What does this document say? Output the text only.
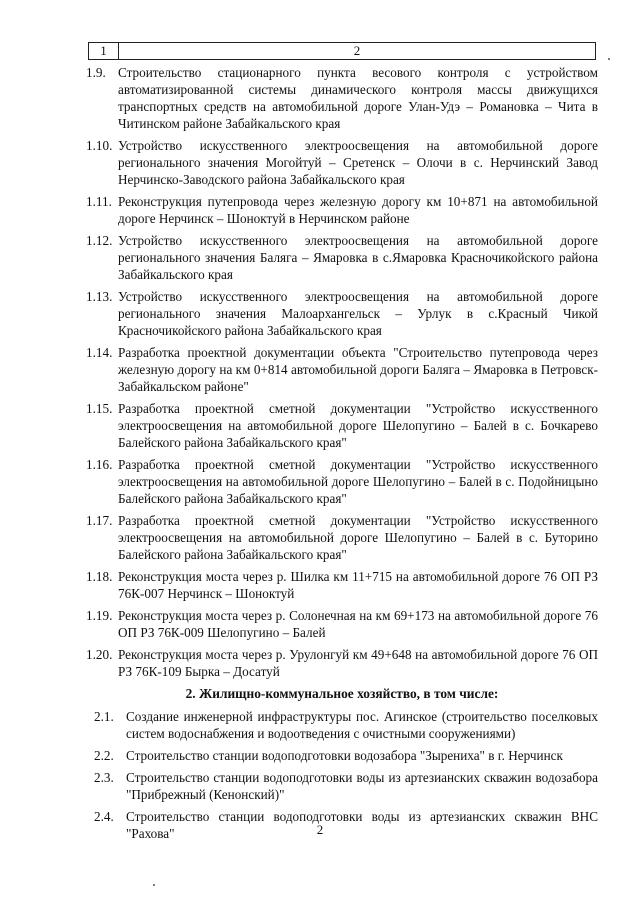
1	2
1.9. Строительство стационарного пункта весового контроля с устройством автоматизированной системы динамического контроля массы движущихся транспортных средств на автомобильной дороге Улан-Удэ – Романовка – Чита в Читинском районе Забайкальского края
1.10. Устройство искусственного электроосвещения на автомобильной дороге регионального значения Могойтуй – Сретенск – Олочи в с. Нерчинский Завод Нерчинско-Заводского района Забайкальского края
1.11. Реконструкция путепровода через железную дорогу км 10+871 на автомобильной дороге Нерчинск – Шоноктуй в Нерчинском районе
1.12. Устройство искусственного электроосвещения на автомобильной дороге регионального значения Баляга – Ямаровка в с.Ямаровка Красночикойского района Забайкальского края
1.13. Устройство искусственного электроосвещения на автомобильной дороге регионального значения Малоархангельск – Урлук в с.Красный Чикой Красночикойского района Забайкальского края
1.14. Разработка проектной документации объекта "Строительство путепровода через железную дорогу на км 0+814 автомобильной дороги Баляга – Ямаровка в Петровск-Забайкальском районе"
1.15. Разработка проектной сметной документации "Устройство искусственного электроосвещения на автомобильной дороге Шелопугино – Балей в с. Бочкарево Балейского района Забайкальского края"
1.16. Разработка проектной сметной документации "Устройство искусственного электроосвещения на автомобильной дороге Шелопугино – Балей в с. Подойницыно Балейского района Забайкальского края"
1.17. Разработка проектной сметной документации "Устройство искусственного электроосвещения на автомобильной дороге Шелопугино – Балей в с. Буторино Балейского района Забайкальского края"
1.18. Реконструкция моста через р. Шилка км 11+715 на автомобильной дороге 76 ОП РЗ 76К-007 Нерчинск – Шоноктуй
1.19. Реконструкция моста через р. Солонечная на км 69+173 на автомобильной дороге 76 ОП РЗ 76К-009 Шелопугино – Балей
1.20. Реконструкция моста через р. Урулонгуй км 49+648 на автомобильной дороге 76 ОП РЗ 76К-109 Бырка – Досатуй
2. Жилищно-коммунальное хозяйство, в том числе:
2.1. Создание инженерной инфраструктуры пос. Агинское (строительство поселковых систем водоснабжения и водоотведения с очистными сооружениями)
2.2. Строительство станции водоподготовки водозабора "Зырениха" в г. Нерчинск
2.3. Строительство станции водоподготовки воды из артезианских скважин водозабора "Прибрежный (Кенонский)"
2.4. Строительство станции водоподготовки воды из артезианских скважин ВНС "Рахова"	2
